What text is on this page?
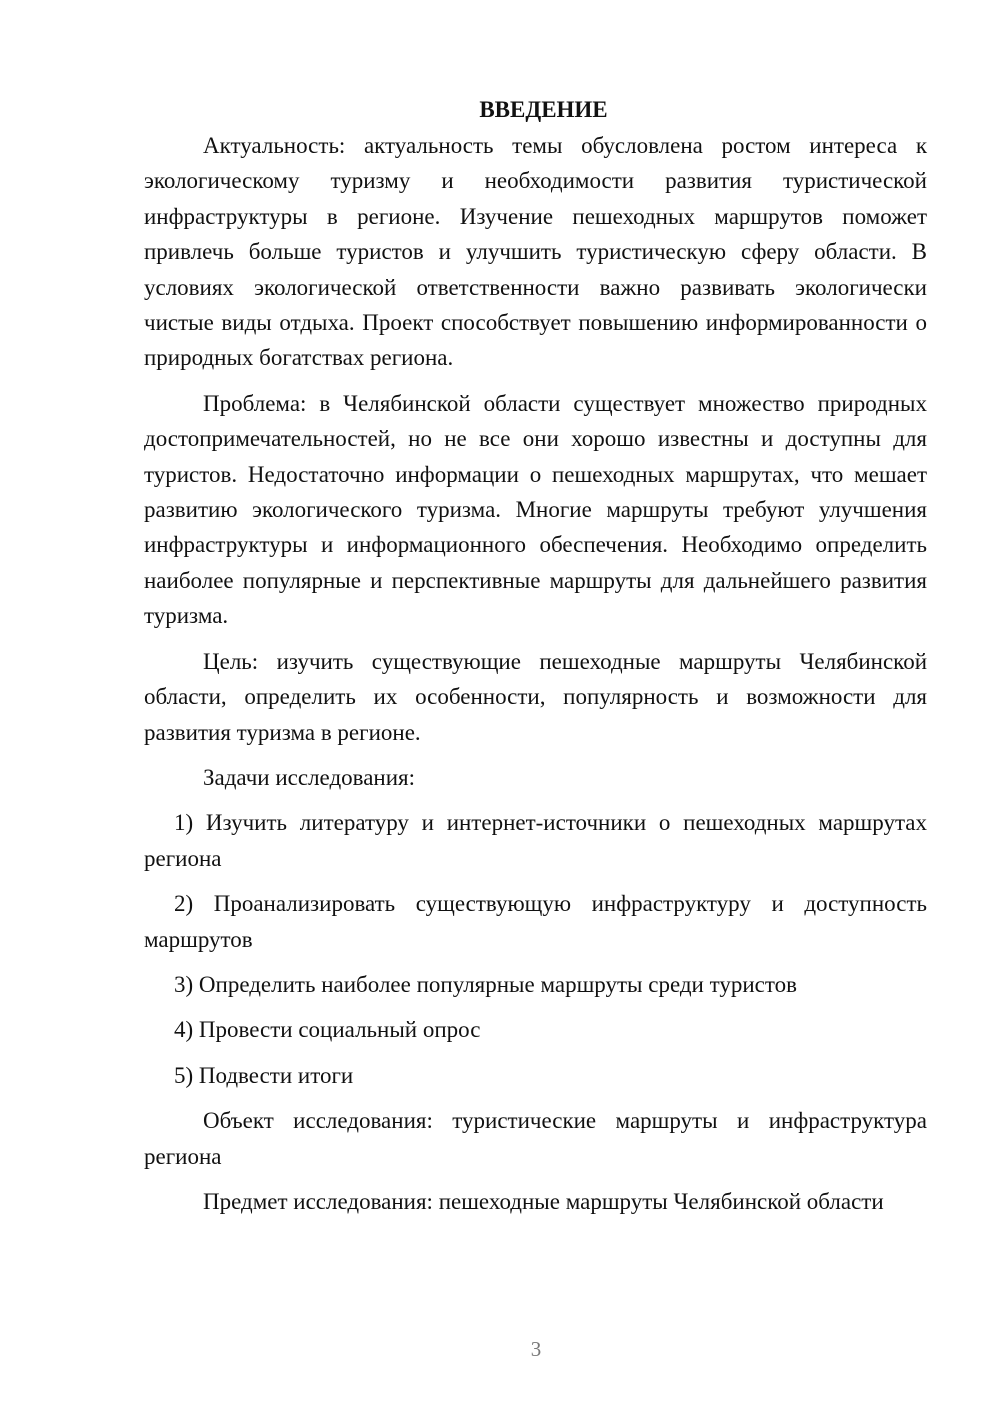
ВВЕДЕНИЕ

Актуальность: актуальность темы обусловлена ростом интереса к экологическому туризму и необходимости развития туристической инфраструктуры в регионе. Изучение пешеходных маршрутов поможет привлечь больше туристов и улучшить туристическую сферу области. В условиях экологической ответственности важно развивать экологически чистые виды отдыха. Проект способствует повышению информированности о природных богатствах региона.

Проблема: в Челябинской области существует множество природных достопримечательностей, но не все они хорошо известны и доступны для туристов. Недостаточно информации о пешеходных маршрутах, что мешает развитию экологического туризма. Многие маршруты требуют улучшения инфраструктуры и информационного обеспечения. Необходимо определить наиболее популярные и перспективные маршруты для дальнейшего развития туризма.

Цель: изучить существующие пешеходные маршруты Челябинской области, определить их особенности, популярность и возможности для развития туризма в регионе.

Задачи исследования:

1) Изучить литературу и интернет-источники о пешеходных маршрутах региона

2) Проанализировать существующую инфраструктуру и доступность маршрутов

3) Определить наиболее популярные маршруты среди туристов

4) Провести социальный опрос

5) Подвести итоги

Объект исследования: туристические маршруты и инфраструктура региона

Предмет исследования: пешеходные маршруты Челябинской области

3
